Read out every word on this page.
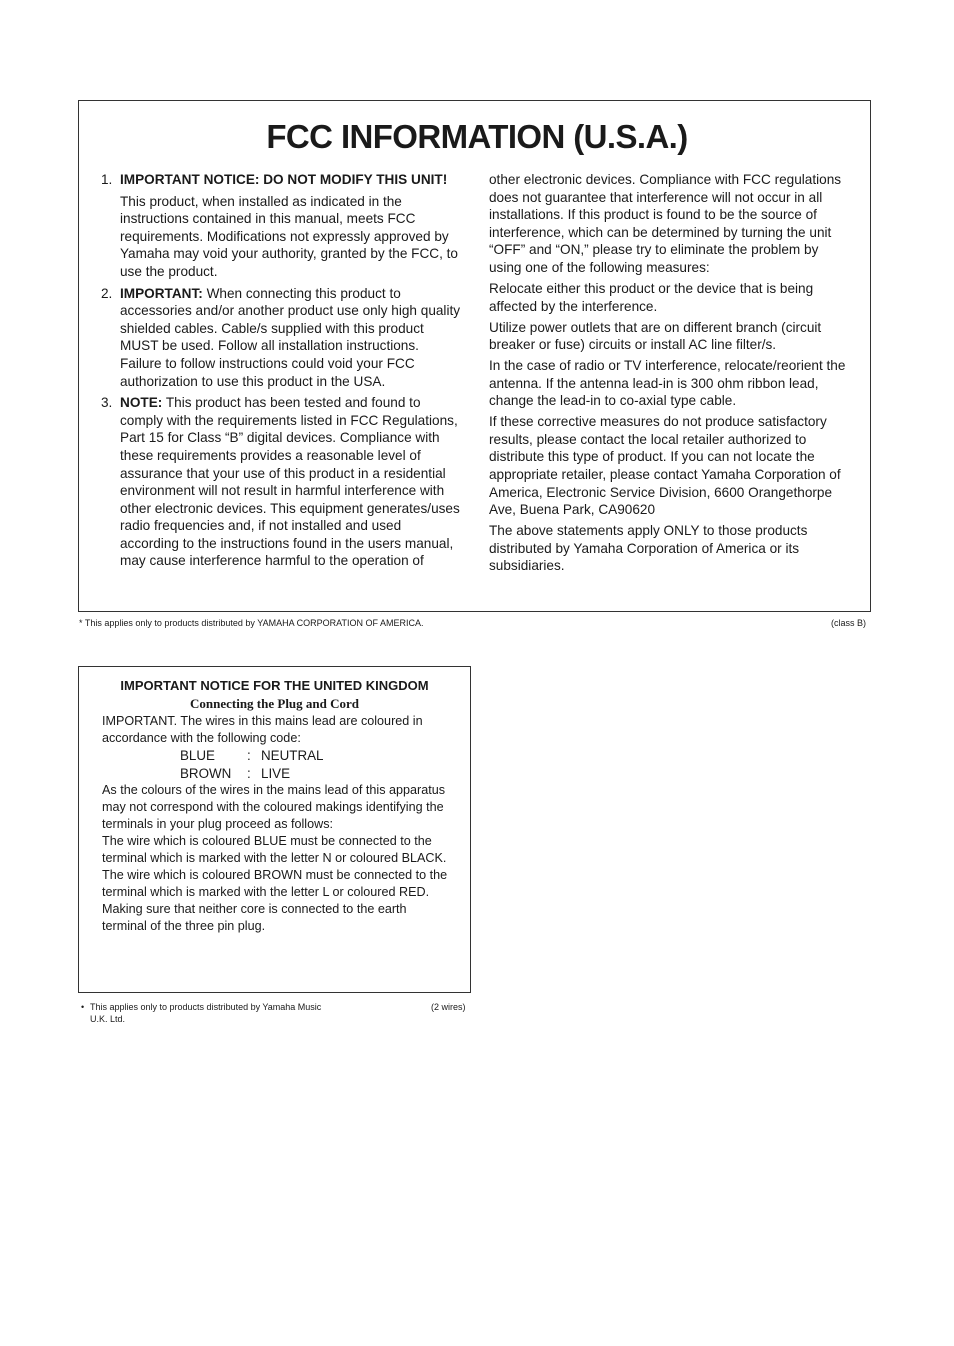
FCC INFORMATION (U.S.A.)
1. IMPORTANT NOTICE: DO NOT MODIFY THIS UNIT!

This product, when installed as indicated in the instructions contained in this manual, meets FCC requirements. Modifications not expressly approved by Yamaha may void your authority, granted by the FCC, to use the product.

2. IMPORTANT: When connecting this product to accessories and/or another product use only high quality shielded cables. Cable/s supplied with this product MUST be used. Follow all installation instructions. Failure to follow instructions could void your FCC authorization to use this product in the USA.

3. NOTE: This product has been tested and found to comply with the requirements listed in FCC Regulations, Part 15 for Class “B” digital devices. Compliance with these requirements provides a reasonable level of assurance that your use of this product in a residential environment will not result in harmful interference with other electronic devices. This equipment generates/uses radio frequencies and, if not installed and used according to the instructions found in the users manual, may cause interference harmful to the operation of

other electronic devices. Compliance with FCC regulations does not guarantee that interference will not occur in all installations. If this product is found to be the source of interference, which can be determined by turning the unit “OFF” and “ON,” please try to eliminate the problem by using one of the following measures:

Relocate either this product or the device that is being affected by the interference.

Utilize power outlets that are on different branch (circuit breaker or fuse) circuits or install AC line filter/s.

In the case of radio or TV interference, relocate/reorient the antenna. If the antenna lead-in is 300 ohm ribbon lead, change the lead-in to co-axial type cable.

If these corrective measures do not produce satisfactory results, please contact the local retailer authorized to distribute this type of product. If you can not locate the appropriate retailer, please contact Yamaha Corporation of America, Electronic Service Division, 6600 Orangethorpe Ave, Buena Park, CA90620

The above statements apply ONLY to those products distributed by Yamaha Corporation of America or its subsidiaries.

* This applies only to products distributed by YAMAHA CORPORATION OF AMERICA.	(class B)
IMPORTANT NOTICE FOR THE UNITED KINGDOM
Connecting the Plug and Cord

IMPORTANT. The wires in this mains lead are coloured in accordance with the following code:

BLUE : NEUTRAL
BROWN : LIVE

As the colours of the wires in the mains lead of this apparatus may not correspond with the coloured makings identifying the terminals in your plug proceed as follows:

The wire which is coloured BLUE must be connected to the terminal which is marked with the letter N or coloured BLACK.

The wire which is coloured BROWN must be connected to the terminal which is marked with the letter L or coloured RED.

Making sure that neither core is connected to the earth terminal of the three pin plug.

• This applies only to products distributed by Yamaha Music U.K. Ltd.
(2 wires)
